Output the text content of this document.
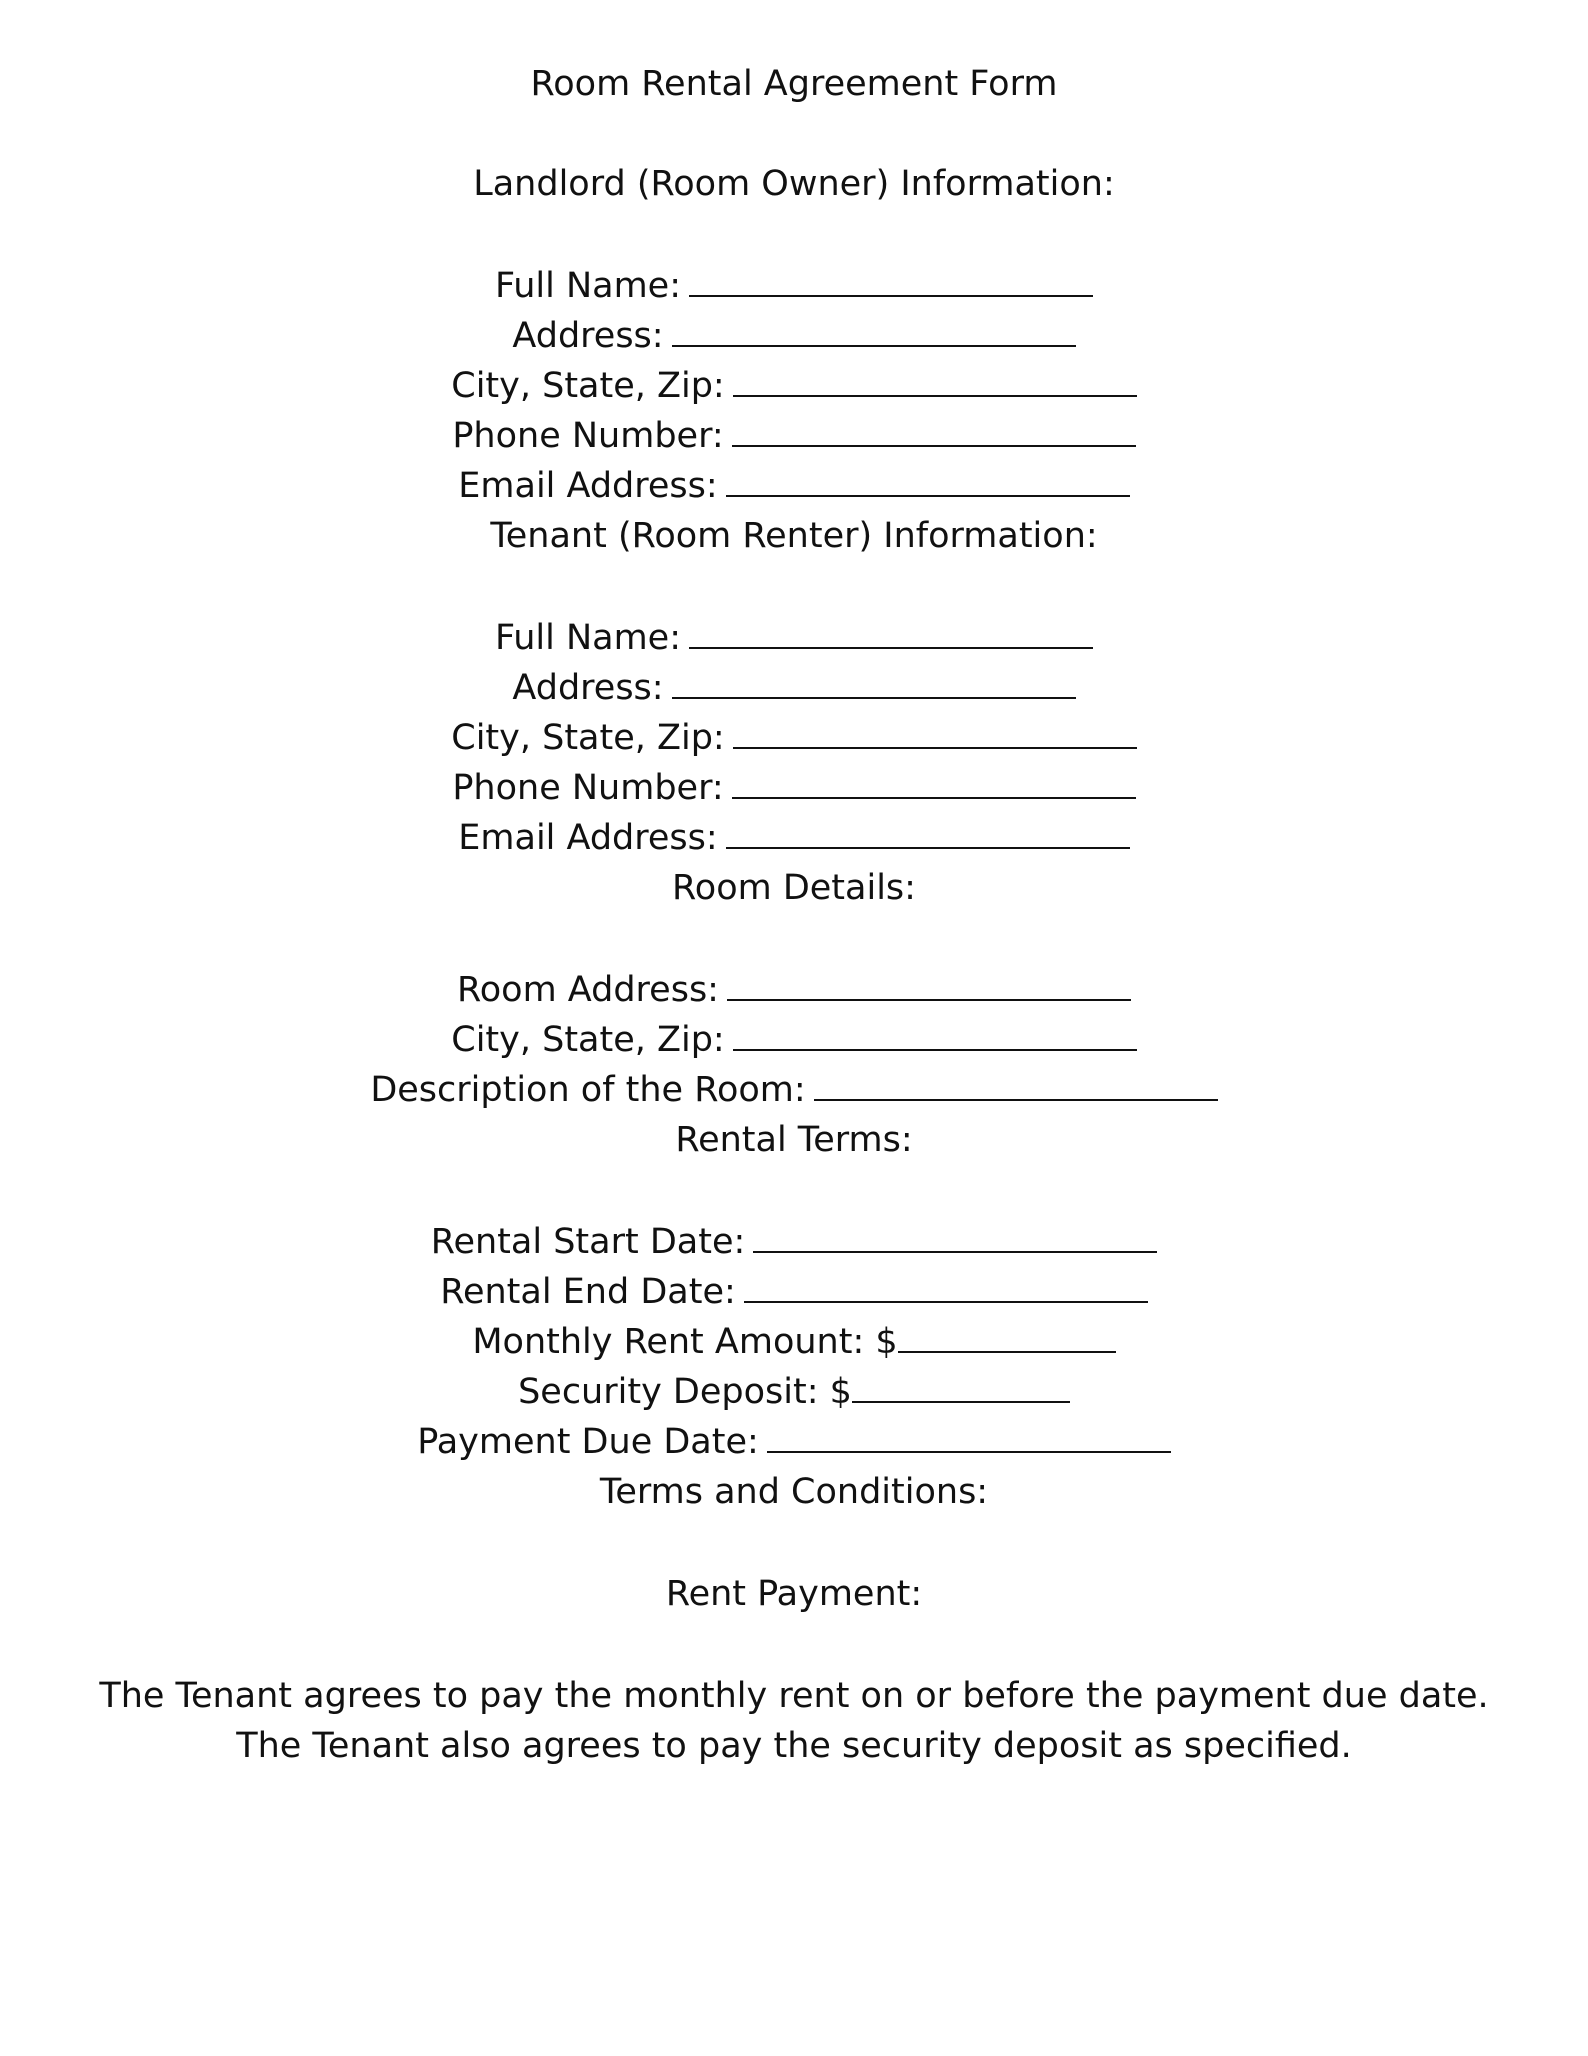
Room Rental Agreement Form
Landlord (Room Owner) Information:
Full Name:
Address:
City, State, Zip:
Phone Number:
Email Address:
Tenant (Room Renter) Information:
Full Name:
Address:
City, State, Zip:
Phone Number:
Email Address:
Room Details:
Room Address:
City, State, Zip:
Description of the Room:
Rental Terms:
Rental Start Date:
Rental End Date:
Monthly Rent Amount: $
Security Deposit: $
Payment Due Date:
Terms and Conditions:
Rent Payment:
The Tenant agrees to pay the monthly rent on or before the payment due date.
The Tenant also agrees to pay the security deposit as specified.
